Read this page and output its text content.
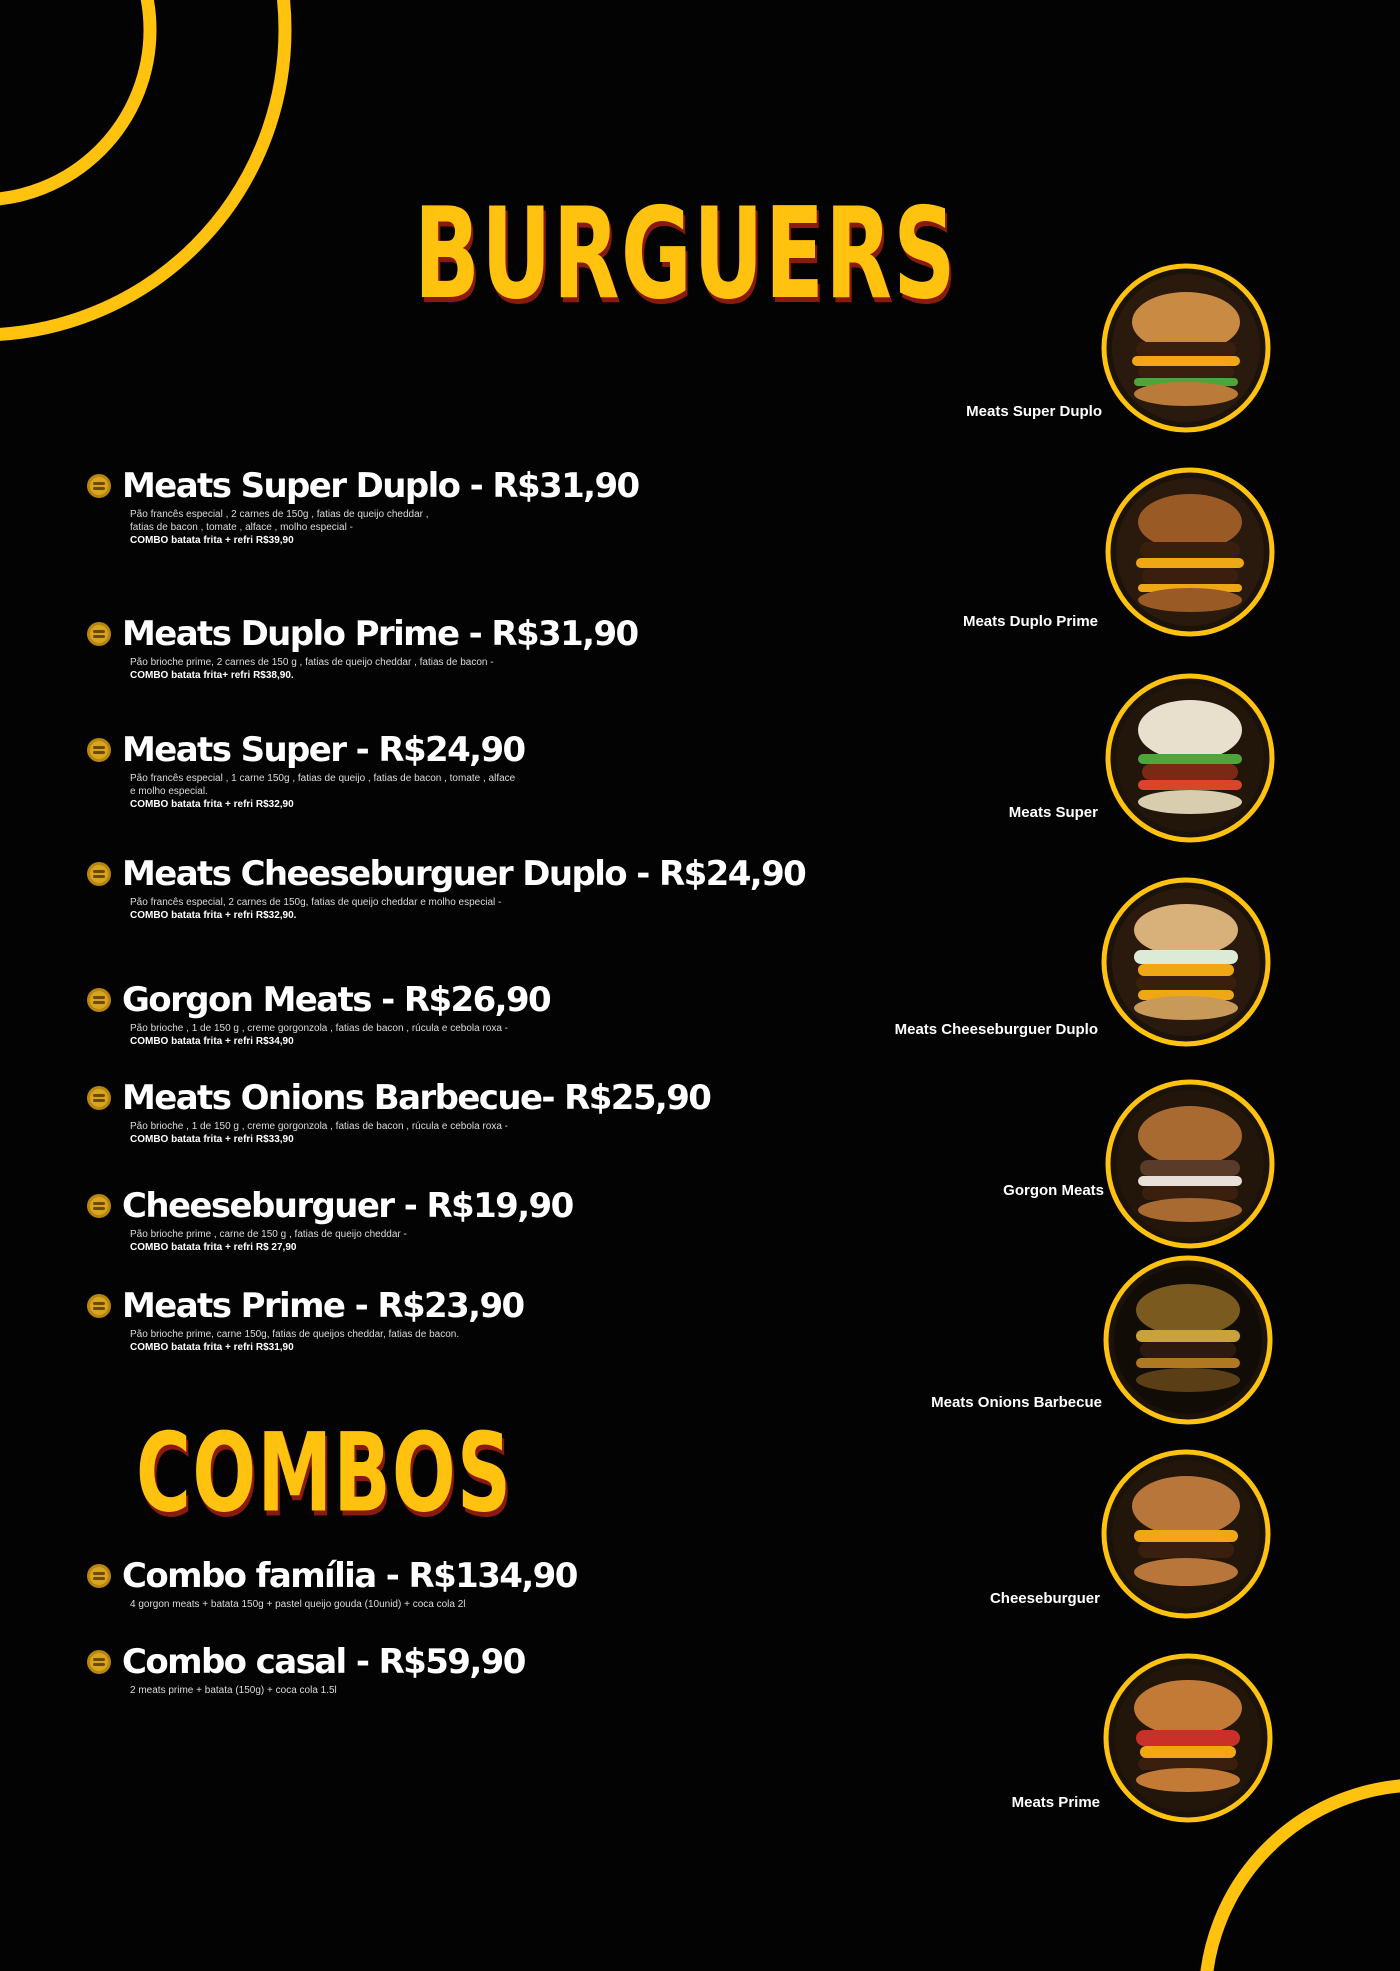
BURGUERS
COMBOS
Meats Super Duplo - R$31,90
Pão francês especial , 2 carnes de 150g , fatias de queijo cheddar ,
fatias de bacon , tomate , alface , molho especial -
COMBO batata frita + refri R$39,90
Meats Duplo Prime - R$31,90
Pão brioche prime, 2 carnes de 150 g , fatias de queijo cheddar , fatias de bacon -
COMBO batata frita+ refri R$38,90.
Meats Super - R$24,90
Pão francês especial , 1 carne 150g , fatias de queijo , fatias de bacon , tomate , alface
e molho especial.
COMBO batata frita + refri R$32,90
Meats Cheeseburguer Duplo - R$24,90
Pão francês especial, 2 carnes de 150g, fatias de queijo cheddar e molho especial -
COMBO batata frita + refri R$32,90.
Gorgon Meats - R$26,90
Pão brioche , 1 de 150 g , creme gorgonzola , fatias de bacon , rúcula e cebola roxa -
COMBO batata frita + refri R$34,90
Meats Onions Barbecue- R$25,90
Pão brioche , 1 de 150 g , creme gorgonzola , fatias de bacon , rúcula e cebola roxa -
COMBO batata frita + refri R$33,90
Cheeseburguer - R$19,90
Pão brioche prime , carne de 150 g , fatias de queijo cheddar -
COMBO batata frita + refri R$ 27,90
Meats Prime - R$23,90
Pão brioche prime, carne 150g, fatias de queijos cheddar, fatias de bacon.
COMBO batata frita + refri R$31,90
Combo família - R$134,90
4 gorgon meats + batata 150g + pastel queijo gouda (10unid) + coca cola 2l
Combo casal - R$59,90
2 meats prime + batata (150g) + coca cola 1.5l
Meats Super Duplo
Meats Duplo Prime
Meats Super
Meats Cheeseburguer Duplo
Gorgon Meats
Meats Onions Barbecue
Cheeseburguer
Meats Prime
